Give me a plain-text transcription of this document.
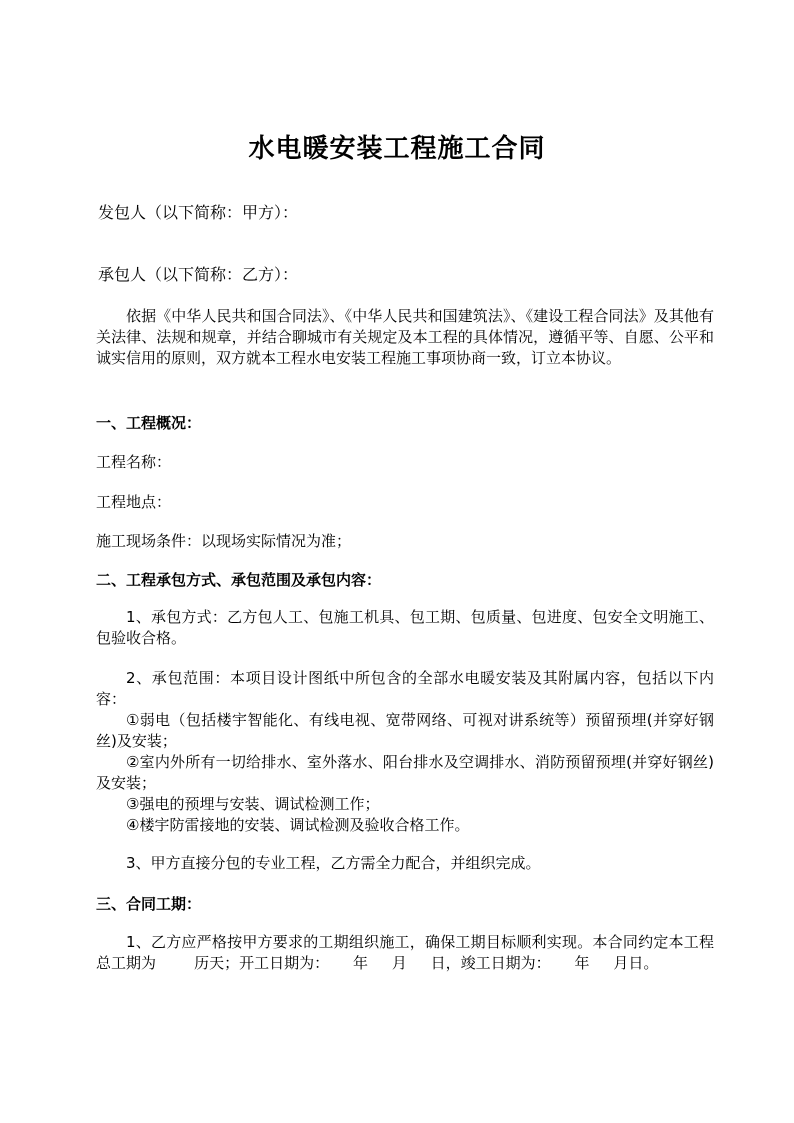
水电暖安装工程施工合同
发包人（以下简称：甲方）：
承包人（以下简称：乙方）：
依据《中华人民共和国合同法》、《中华人民共和国建筑法》、《建设工程合同法》及其他有关法律、法规和规章，并结合聊城市有关规定及本工程的具体情况，遵循平等、自愿、公平和诚实信用的原则，双方就本工程水电安装工程施工事项协商一致，订立本协议。
一、工程概况：
工程名称：
工程地点：
施工现场条件：以现场实际情况为准；
二、工程承包方式、承包范围及承包内容：
1、承包方式：乙方包人工、包施工机具、包工期、包质量、包进度、包安全文明施工、包验收合格。
2、承包范围：本项目设计图纸中所包含的全部水电暖安装及其附属内容，包括以下内容：
①弱电（包括楼宇智能化、有线电视、宽带网络、可视对讲系统等）预留预埋(并穿好钢丝)及安装；
②室内外所有一切给排水、室外落水、阳台排水及空调排水、消防预留预埋(并穿好钢丝)及安装；
③强电的预埋与安装、调试检测工作；
④楼宇防雷接地的安装、调试检测及验收合格工作。
3、甲方直接分包的专业工程，乙方需全力配合，并组织完成。
三、合同工期：
1、乙方应严格按甲方要求的工期组织施工，确保工期目标顺利实现。本合同约定本工程总工期为        历天；开工日期为：     年     月     日，竣工日期为：     年     月日。
